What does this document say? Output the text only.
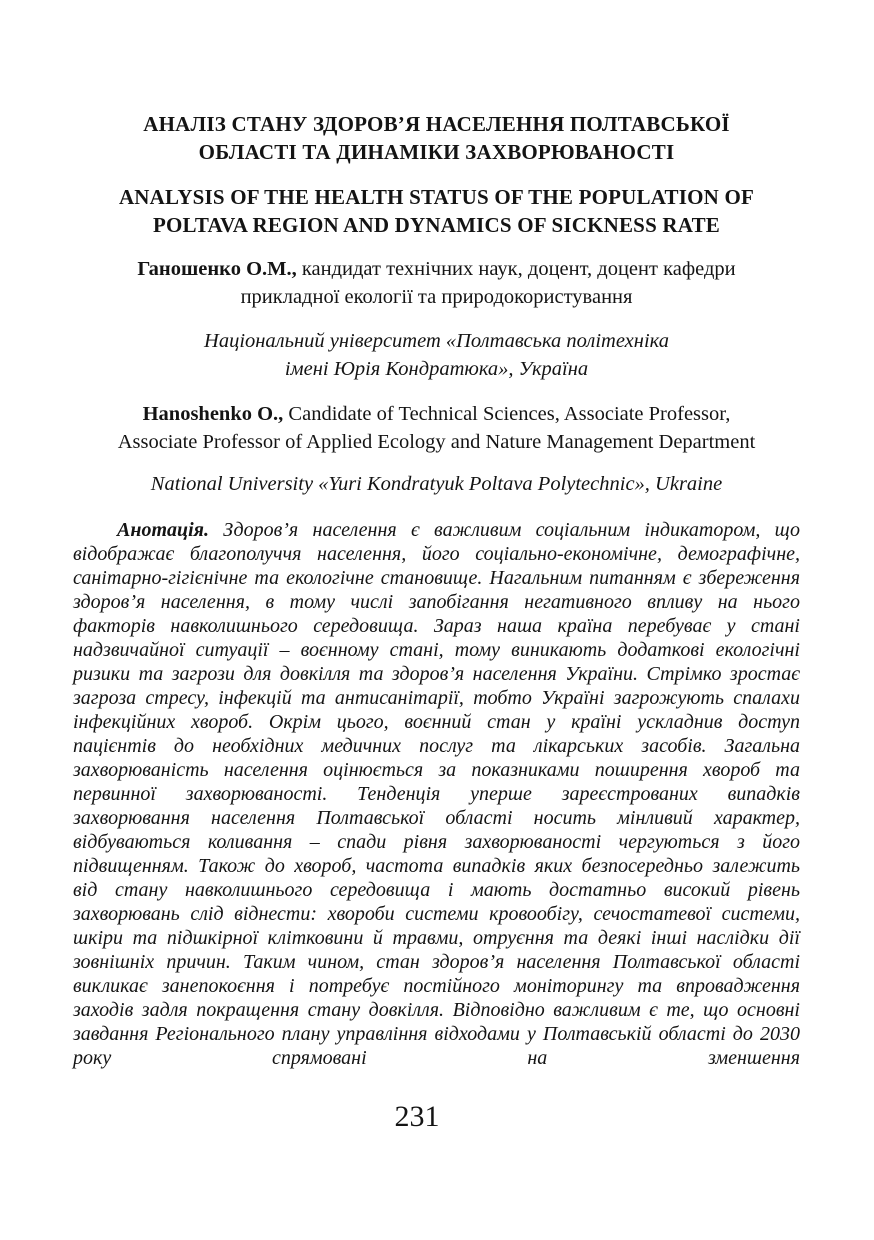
АНАЛІЗ СТАНУ ЗДОРОВ’Я НАСЕЛЕННЯ ПОЛТАВСЬКОЇ
ОБЛАСТІ ТА ДИНАМІКИ ЗАХВОРЮВАНОСТІ
ANALYSIS OF THE HEALTH STATUS OF THE POPULATION OF
POLTAVA REGION AND DYNAMICS OF SICKNESS RATE

Ганошенко О.М., кандидат технічних наук, доцент, доцент кафедри
прикладної екології та природокористування

Національний університет «Полтавська політехніка
імені Юрія Кондратюка», Україна

Hanoshenko O., Candidate of Technical Sciences, Associate Professor,
Associate Professor of Applied Ecology and Nature Management Department

National University «Yuri Kondratyuk Poltava Polytechnic», Ukraine

Анотація. Здоров’я населення є важливим соціальним індикатором, що відображає благополуччя населення, його соціально-економічне, демографічне, санітарно-гігієнічне та екологічне становище. Нагальним питанням є збереження здоров’я населення, в тому числі запобігання негативного впливу на нього факторів навколишнього середовища. Зараз наша країна перебуває у стані надзвичайної ситуації – воєнному стані, тому виникають додаткові екологічні ризики та загрози для довкілля та здоров’я населення України. Стрімко зростає загроза стресу, інфекцій та антисанітарії, тобто Україні загрожують спалахи інфекційних хвороб. Окрім цього, воєнний стан у країні ускладнив доступ пацієнтів до необхідних медичних послуг та лікарських засобів. Загальна захворюваність населення оцінюється за показниками поширення хвороб та первинної захворюваності. Тенденція уперше зареєстрованих випадків захворювання населення Полтавської області носить мінливий характер, відбуваються коливання – спади рівня захворюваності чергуються з його підвищенням. Також до хвороб, частота випадків яких безпосередньо залежить від стану навколишнього середовища і мають достатньо високий рівень захворювань слід віднести: хвороби системи кровообігу, сечостатевої системи, шкіри та підшкірної клітковини й травми, отруєння та деякі інші наслідки дії зовнішніх причин. Таким чином, стан здоров’я населення Полтавської області викликає занепокоєння і потребує постійного моніторингу та впровадження заходів задля покращення стану довкілля. Відповідно важливим є те, що основні завдання Регіонального плану управління відходами у Полтавській області до 2030 року спрямовані на зменшення

231
